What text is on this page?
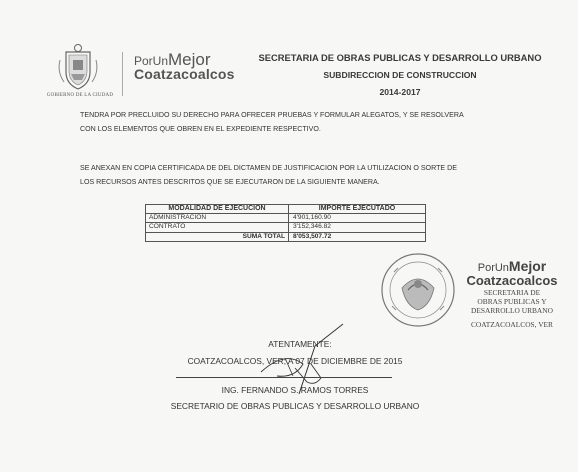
GOBIERNO DE LA CIUDAD
PorUnMejor
Coatzacoalcos
SECRETARIA DE OBRAS PUBLICAS Y DESARROLLO URBANO
SUBDIRECCION DE CONSTRUCCION
2014-2017
TENDRA POR PRECLUIDO SU DERECHO PARA OFRECER PRUEBAS Y FORMULAR ALEGATOS, Y SE RESOLVERA
CON LOS ELEMENTOS QUE OBREN EN EL EXPEDIENTE RESPECTIVO.
SE ANEXAN EN COPIA CERTIFICADA DE DEL DICTAMEN DE JUSTIFICACION POR LA UTILIZACION O SORTE DE
LOS RECURSOS ANTES DESCRITOS QUE SE EJECUTARON DE LA SIGUIENTE MANERA.
MODALIDAD DE EJECUCION	IMPORTE EJECUTADO
ADMINISTRACION	4'901,160.90
CONTRATO	3'152,346.82
SUMA TOTAL	8'053,507.72
PorUnMejor
Coatzacoalcos
SECRETARIA DE
OBRAS PUBLICAS Y
DESARROLLO URBANO
COATZACOALCOS, VER
ATENTAMENTE:
COATZACOALCOS, VER; A 07 DE DICIEMBRE DE 2015
ING. FERNANDO S. RAMOS TORRES
SECRETARIO DE OBRAS PUBLICAS Y DESARROLLO URBANO
